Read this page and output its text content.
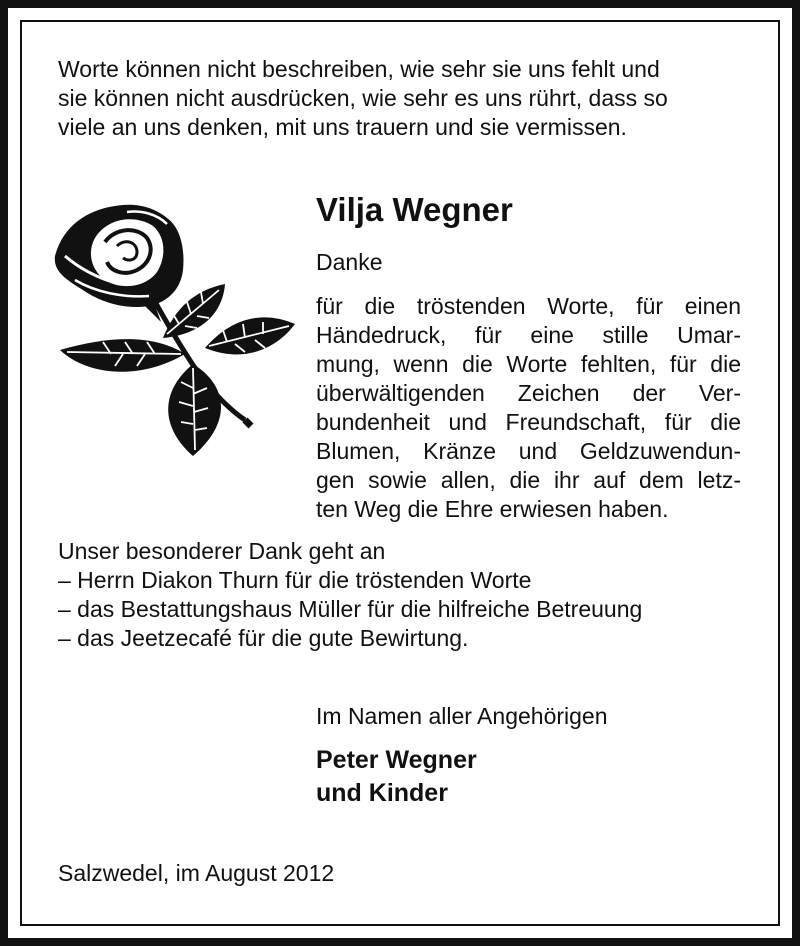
Worte können nicht beschreiben, wie sehr sie uns fehlt und
sie können nicht ausdrücken, wie sehr es uns rührt, dass so
viele an uns denken, mit uns trauern und sie vermissen.
Vilja Wegner
Danke
für die tröstenden Worte, für einen
Händedruck, für eine stille Umar-
mung, wenn die Worte fehlten, für die
überwältigenden Zeichen der Ver-
bundenheit und Freundschaft, für die
Blumen, Kränze und Geldzuwendun-
gen sowie allen, die ihr auf dem letz-
ten Weg die Ehre erwiesen haben.
Unser besonderer Dank geht an
– Herrn Diakon Thurn für die tröstenden Worte
– das Bestattungshaus Müller für die hilfreiche Betreuung
– das Jeetzecafé für die gute Bewirtung.
Im Namen aller Angehörigen
Peter Wegner
und Kinder
Salzwedel, im August 2012
